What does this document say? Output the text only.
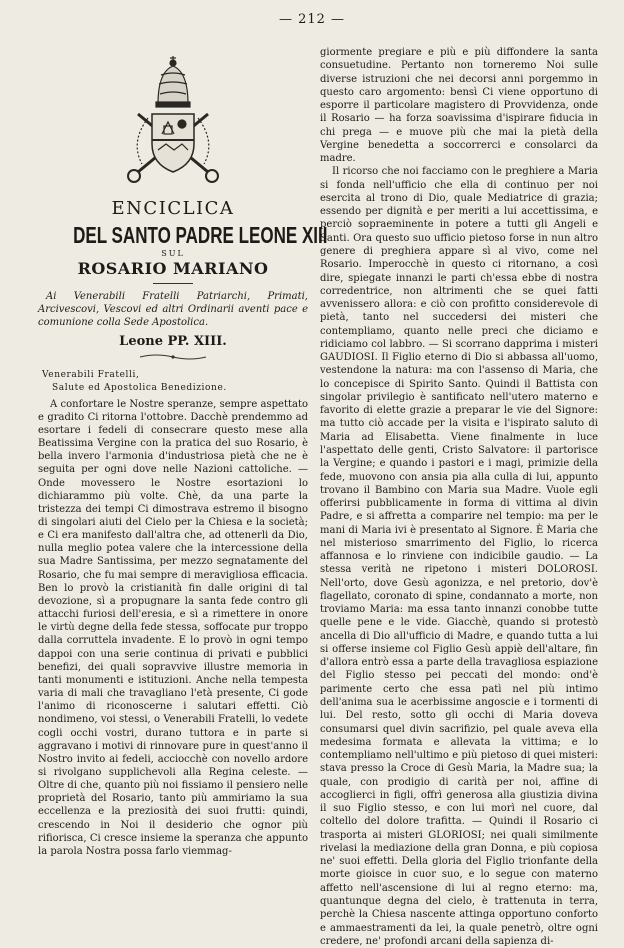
— 212 —
ENCICLICA
DEL SANTO PADRE LEONE XIII
SUL
ROSARIO MARIANO
Ai Venerabili Fratelli Patriarchi, Primati, Arcivescovi, Vescovi ed altri Ordinarii aventi pace e comunione colla Sede Apostolica.
Leone PP. XIII.
Venerabili Fratelli,
Salute ed Apostolica Benedizione.

A confortare le Nostre speranze, sempre aspettato e gradito Ci ritorna l'ottobre. Dacchè prendemmo ad esortare i fedeli di consecrare questo mese alla Beatissima Vergine con la pratica del suo Rosario, è bella invero l'armonia d'industriosa pietà che ne è seguita per ogni dove nelle Nazioni cattoliche. — Onde movessero le Nostre esortazioni lo dichiarammo più volte. Chè, da una parte la tristezza dei tempi Ci dimostrava estremo il bisogno di singolari aiuti del Cielo per la Chiesa e la società; e Ci era manifesto dall'altra che, ad ottenerli da Dio, nulla meglio potea valere che la intercessione della sua Madre Santissima, per mezzo segnatamente del Rosario, che fu mai sempre di meravigliosa efficacia. Ben lo provò la cristianità fin dalle origini di tal devozione, sì a propugnare la santa fede contro gli attacchi furiosi dell'eresia, e sì a rimettere in onore le virtù degne della fede stessa, soffocate pur troppo dalla corruttela invadente. E lo provò in ogni tempo dappoi con una serie continua di privati e pubblici benefizi, dei quali sopravvive illustre memoria in tanti monumenti e istituzioni. Anche nella tempesta varia di mali che travagliano l'età presente, Ci gode l'animo di riconoscerne i salutari effetti. Ciò nondimeno, voi stessi, o Venerabili Fratelli, lo vedete cogli occhi vostri, durano tuttora e in parte si aggravano i motivi di rinnovare pure in quest'anno il Nostro invito ai fedeli, acciocchè con novello ardore si rivolgano supplichevoli alla Regina celeste. — Oltre di che, quanto più noi fissiamo il pensiero nelle proprietà del Rosario, tanto più ammiriamo la sua eccellenza e la preziosità dei suoi frutti: quindi, crescendo in Noi il desiderio che ognor più rifiorisca, Ci cresce insieme la speranza che appunto la parola Nostra possa farlo viemmag-

giormente pregiare e più e più diffondere la santa consuetudine. Pertanto non torneremo Noi sulle diverse istruzioni che nei decorsi anni porgemmo in questo caro argomento: bensì Ci viene opportuno di esporre il particolare magistero di Provvidenza, onde il Rosario — ha forza soavissima d'ispirare fiducia in chi prega — e muove più che mai la pietà della Vergine benedetta a soccorrerci e consolarci da madre.

Il ricorso che noi facciamo con le preghiere a Maria si fonda nell'ufficio che ella di continuo per noi esercita al trono di Dio, quale Mediatrice di grazia; essendo per dignità e per meriti a lui accettissima, e perciò sopraeminente in potere a tutti gli Angeli e Santi. Ora questo suo ufficio pietoso forse in nun altro genere di preghiera appare sì al vivo, come nel Rosario. Imperocchè in questo ci ritornano, a così dire, spiegate innanzi le parti ch'essa ebbe di nostra corredentrice, non altrimenti che se quei fatti avvenissero allora: e ciò con profitto considerevole di pietà, tanto nel succedersi dei misteri che contempliamo, quanto nelle preci che diciamo e ridiciamo col labbro. — Si scorrano dapprima i misteri GAUDIOSI. Il Figlio eterno di Dio si abbassa all'uomo, vestendone la natura: ma con l'assenso di Maria, che lo concepisce di Spirito Santo. Quindi il Battista con singolar privilegio è santificato nell'utero materno e favorito di elette grazie a preparar le vie del Signore: ma tutto ciò accade per la visita e l'ispirato saluto di Maria ad Elisabetta. Viene finalmente in luce l'aspettato delle genti, Cristo Salvatore: il partorisce la Vergine; e quando i pastori e i magi, primizie della fede, muovono con ansia pia alla culla di lui, appunto trovano il Bambino con Maria sua Madre. Vuole egli offerirsi pubblicamente in forma di vittima al divin Padre, e si affretta a comparire nel tempio: ma per le mani di Maria ivi è presentato al Signore. È Maria che nel misterioso smarrimento del Figlio, lo ricerca affannosa e lo rinviene con indicibile gaudio. — La stessa verità ne ripetono i misteri DOLOROSI. Nell'orto, dove Gesù agonizza, e nel pretorio, dov'è flagellato, coronato di spine, condannato a morte, non troviamo Maria: ma essa tanto innanzi conobbe tutte quelle pene e le vide. Giacchè, quando si protestò ancella di Dio all'ufficio di Madre, e quando tutta a lui si offerse insieme col Figlio Gesù appiè dell'altare, fin d'allora entrò essa a parte della travagliosa espiazione del Figlio stesso pei peccati del mondo: ond'è parimente certo che essa patì nel più intimo dell'anima sua le acerbissime angoscie e i tormenti di lui. Del resto, sotto gli occhi di Maria doveva consumarsi quel divin sacrifizio, pel quale aveva ella medesima formata e allevata la vittima; e lo contempliamo nell'ultimo e più pietoso di quei misteri: stava presso la Croce di Gesù Maria, la Madre sua; la quale, con prodigio di carità per noi, affine di accoglierci in figli, offrì generosa alla giustizia divina il suo Figlio stesso, e con lui morì nel cuore, dal coltello del dolore trafitta. — Quindi il Rosario ci trasporta ai misteri GLORIOSI; nei quali similmente rivelasi la mediazione della gran Donna, e più copiosa ne' suoi effetti. Della gloria del Figlio trionfante della morte gioisce in cuor suo, e lo segue con materno affetto nell'ascensione di lui al regno eterno: ma, quantunque degna del cielo, è trattenuta in terra, perchè la Chiesa nascente attinga opportuno conforto e ammaestramenti da lei, la quale penetrò, oltre ogni credere, ne' profondi arcani della sapienza di-
